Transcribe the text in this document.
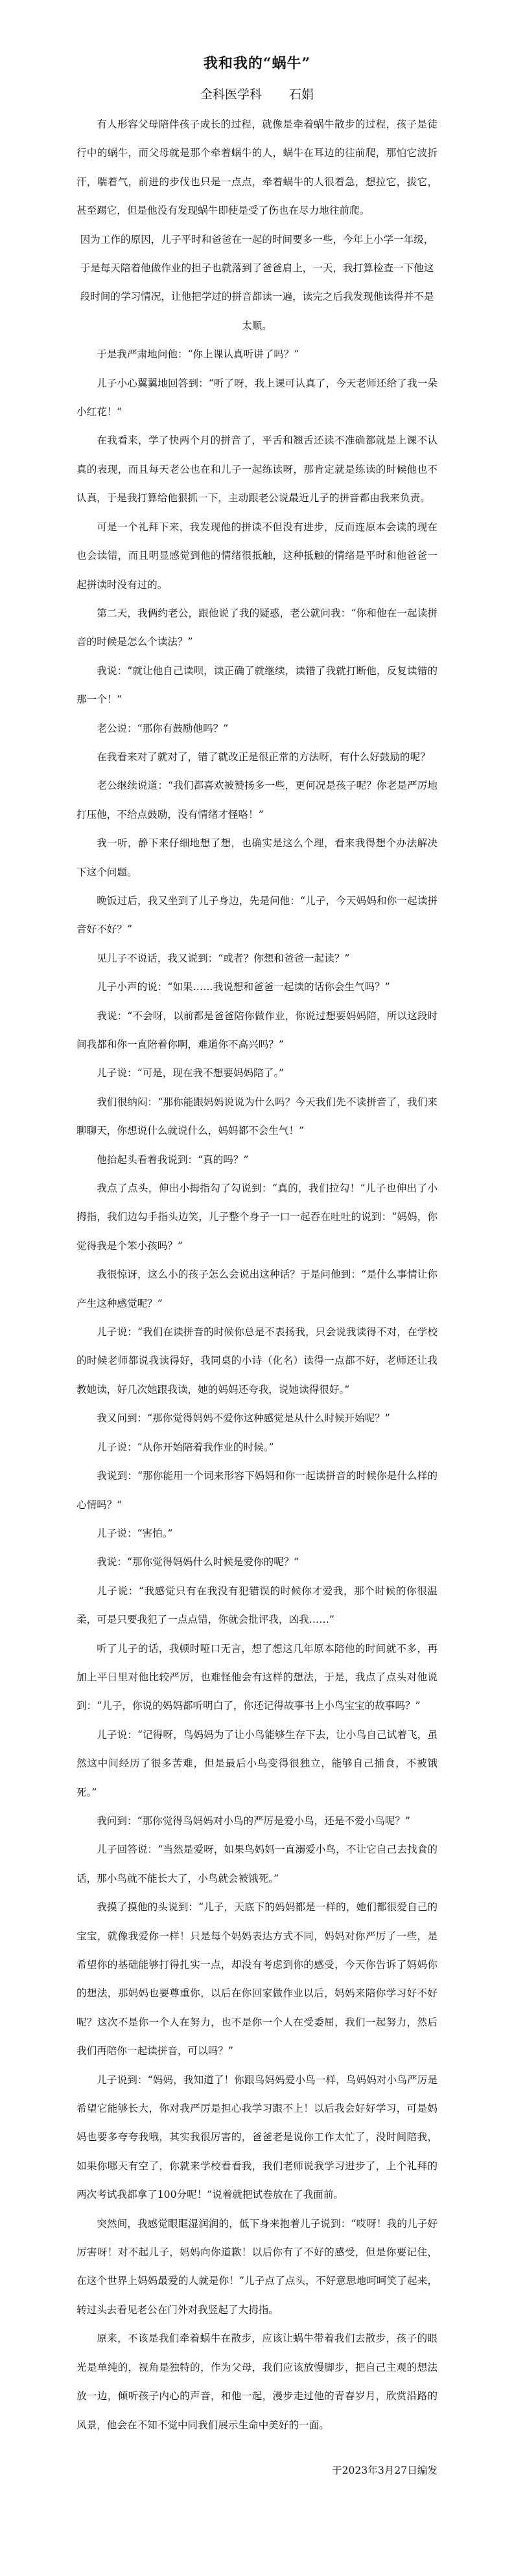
我和我的“蜗牛”
全科医学科 石娟

有人形容父母陪伴孩子成长的过程，就像是牵着蜗牛散步的过程，孩子是徒行中的蜗牛，而父母就是那个牵着蜗牛的人，蜗牛在耳边的往前爬，那怕它波折汗，喘着气，前进的步伐也只是一点点，牵着蜗牛的人很着急，想拉它，拔它，甚至踢它，但是他没有发现蜗牛即使是受了伤也在尽力地往前爬。

因为工作的原因，儿子平时和爸爸在一起的时间要多一些，今年上小学一年级，于是每天陪着他做作业的担子也就落到了爸爸肩上，一天，我打算检查一下他这段时间的学习情况，让他把学过的拼音都读一遍，读完之后我发现他读得并不是太顺。

于是我严肃地问他：“你上课认真听讲了吗？”

儿子小心翼翼地回答到：“听了呀，我上课可认真了，今天老师还给了我一朵小红花！”

在我看来，学了快两个月的拼音了，平舌和翘舌还读不准确都就是上课不认真的表现，而且每天老公也在和儿子一起练读呀，那肯定就是练读的时候他也不认真，于是我打算给他狠抓一下，主动跟老公说最近儿子的拼音都由我来负责。

可是一个礼拜下来，我发现他的拼读不但没有进步，反而连原本会读的现在也会读错，而且明显感觉到他的情绪很抵触，这种抵触的情绪是平时和他爸爸一起拼读时没有过的。

第二天，我俩约老公，跟他说了我的疑惑，老公就问我：“你和他在一起读拼音的时候是怎么个读法？”

我说：“就让他自己读呗，读正确了就继续，读错了我就打断他，反复读错的那一个！”

老公说：“那你有鼓励他吗？”

在我看来对了就对了，错了就改正是很正常的方法呀，有什么好鼓励的呢？

老公继续说道：“我们都喜欢被赞扬多一些，更何况是孩子呢？你老是严厉地打压他，不给点鼓励，没有情绪才怪咯！”

我一听，静下来仔细地想了想，也确实是这么个理，看来我得想个办法解决下这个问题。

晚饭过后，我又坐到了儿子身边，先是问他：“儿子，今天妈妈和你一起读拼音好不好？”

见儿子不说话，我又说到：“或者？你想和爸爸一起读？”

儿子小声的说：“如果……我说想和爸爸一起读的话你会生气吗？”

我说：“不会呀，以前都是爸爸陪你做作业，你说过想要妈妈陪，所以这段时间我都和你一直陪着你啊，难道你不高兴吗？”

儿子说：“可是，现在我不想要妈妈陪了。”

我们很纳闷：“那你能跟妈妈说说为什么吗？今天我们先不读拼音了，我们来聊聊天，你想说什么就说什么，妈妈都不会生气！”

他抬起头看着我说到：“真的吗？”

我点了点头，伸出小拇指勾了勾说到：“真的，我们拉勾！”儿子也伸出了小拇指，我们边勾手指头边笑，儿子整个身子一口一起吞在吐吐的说到：“妈妈，你觉得我是个笨小孩吗？”

我很惊讶，这么小的孩子怎么会说出这种话？于是问他到：“是什么事情让你产生这种感觉呢？”

儿子说：“我们在读拼音的时候你总是不表扬我，只会说我读得不对，在学校的时候老师都说我读得好，我同桌的小诗（化名）读得一点都不好，老师还让我教她读，好几次她跟我读，她的妈妈还夸我，说她读得很好。”

我又问到：“那你觉得妈妈不爱你这种感觉是从什么时候开始呢？”

儿子说：“从你开始陪着我作业的时候。”

我说到：“那你能用一个词来形容下妈妈和你一起读拼音的时候你是什么样的心情吗？”

儿子说：“害怕。”

我说：“那你觉得妈妈什么时候是爱你的呢？”

儿子说：“我感觉只有在我没有犯错误的时候你才爱我，那个时候的你很温柔，可是只要我犯了一点点错，你就会批评我，凶我……”

听了儿子的话，我顿时哑口无言，想了想这几年原本陪他的时间就不多，再加上平日里对他比较严厉，也难怪他会有这样的想法，于是，我点了点头对他说到：“儿子，你说的妈妈都听明白了，你还记得故事书上小鸟宝宝的故事吗？”

儿子说：“记得呀，鸟妈妈为了让小鸟能够生存下去，让小鸟自己试着飞，虽然这中间经历了很多苦难，但是最后小鸟变得很独立，能够自己捕食，不被饿死。”

我问到：“那你觉得鸟妈妈对小鸟的严厉是爱小鸟，还是不爱小鸟呢？”

儿子回答说：“当然是爱呀，如果鸟妈妈一直溺爱小鸟，不让它自己去找食的话，那小鸟就不能长大了，小鸟就会被饿死。”

我摸了摸他的头说到：“儿子，天底下的妈妈都是一样的，她们都很爱自己的宝宝，就像我爱你一样！只是每个妈妈表达方式不同，妈妈对你严厉了一些，是希望你的基础能够打得扎实一点，却没有考虑到你的感受，今天你告诉了妈妈你的想法，那妈妈也要尊重你，以后在你回家做作业以后，妈妈来陪你学习好不好呢？这次不是你一个人在努力，也不是你一个人在受委屈，我们一起努力，然后我们再陪你一起读拼音，可以吗？”

儿子说到：“妈妈，我知道了！你跟鸟妈妈爱小鸟一样，鸟妈妈对小鸟严厉是希望它能够长大，你对我严厉是担心我学习跟不上！以后我会好好学习，可是妈妈也要多夸夸我哦，其实我很厉害的，爸爸老是说你工作太忙了，没时间陪我，如果你哪天有空了，你就来学校看看我，我们老师说我学习进步了，上个礼拜的两次考试我都拿了100分呢！”说着就把试卷放在了我面前。

突然间，我感觉眼眶湿润润的，低下身来抱着儿子说到：“哎呀！我的儿子好厉害呀！对不起儿子，妈妈向你道歉！以后你有了不好的感受，但是你要记住，在这个世界上妈妈最爱的人就是你！”儿子点了点头，不好意思地呵呵笑了起来，转过头去看见老公在门外对我竖起了大拇指。

原来，不该是我们牵着蜗牛在散步，应该让蜗牛带着我们去散步，孩子的眼光是单纯的，视角是独特的，作为父母，我们应该放慢脚步，把自己主观的想法放一边，倾听孩子内心的声音，和他一起，漫步走过他的青春岁月，欣赏沿路的风景，他会在不知不觉中同我们展示生命中美好的一面。

于2023年3月27日编发
